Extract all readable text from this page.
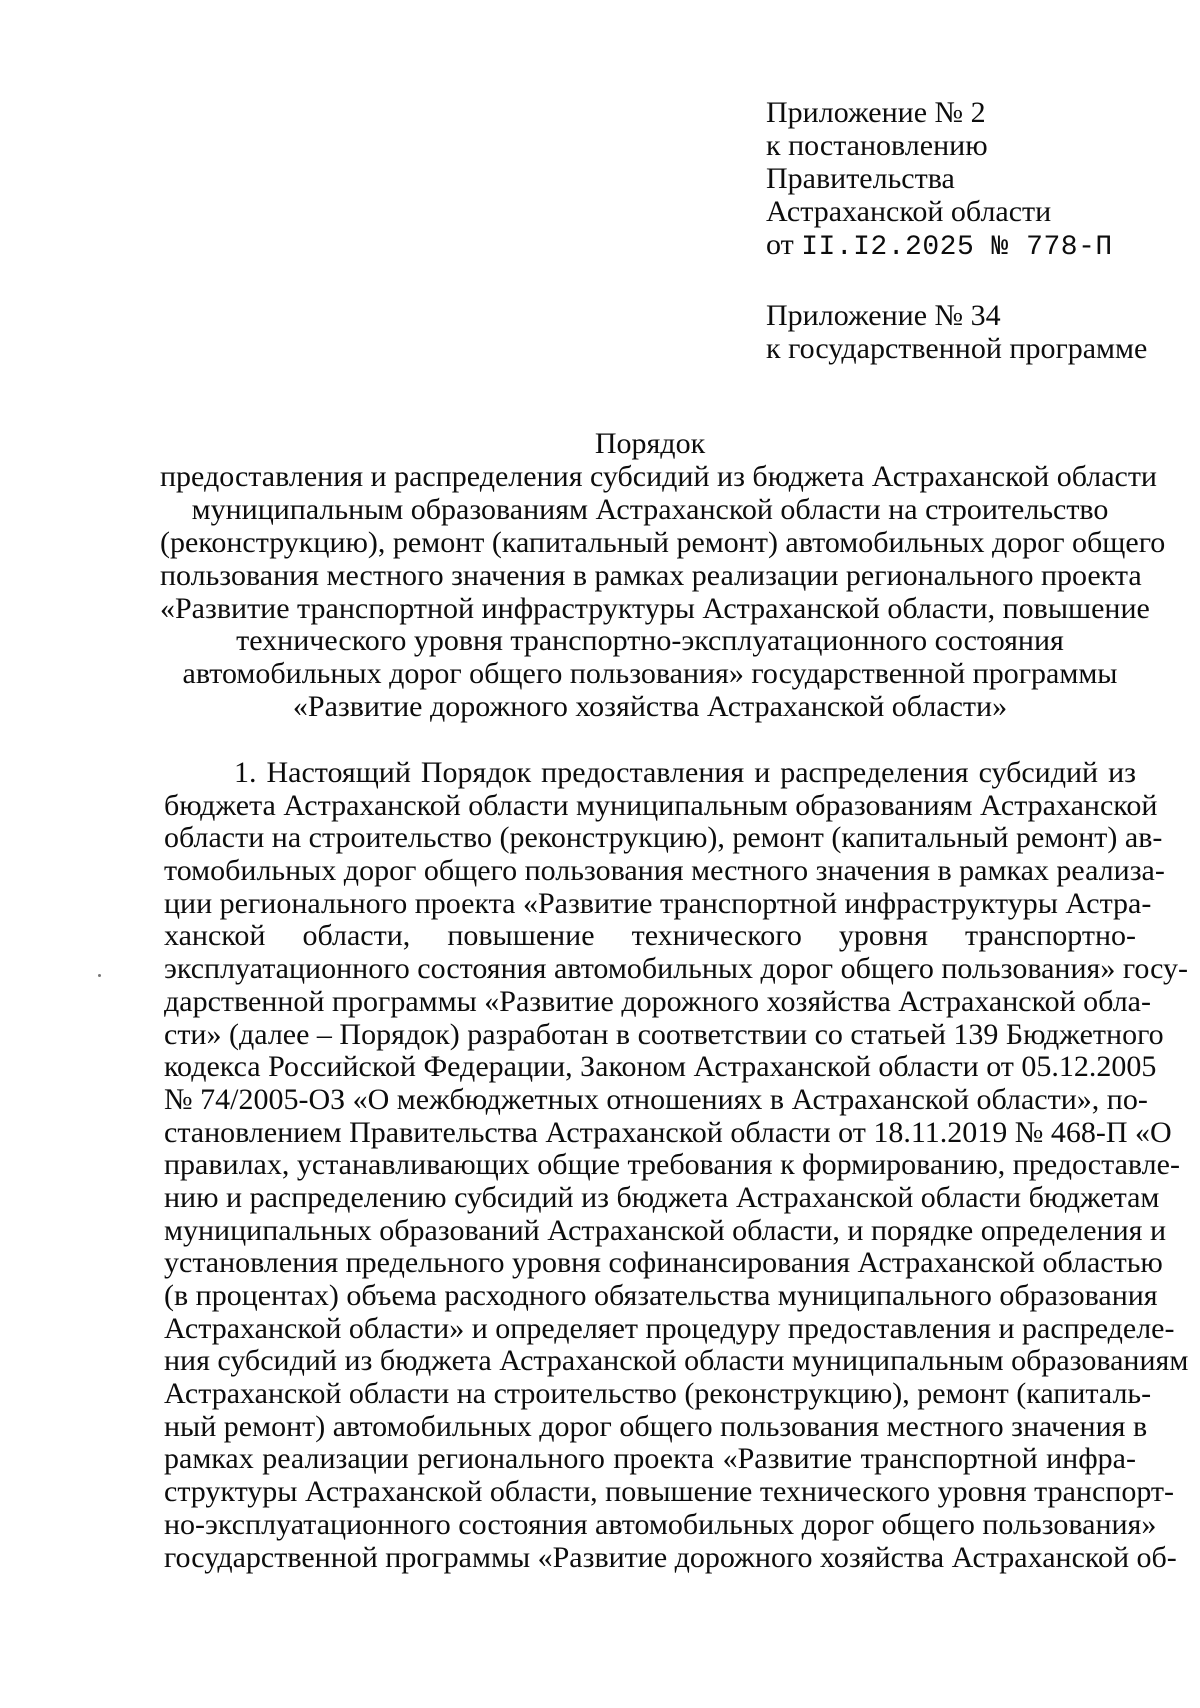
Приложение № 2
к постановлению
Правительства
Астраханской области
от II.I2.2025 № 778-П
Приложение № 34
к государственной программе
Порядок
предоставления и распределения субсидий из бюджета Астраханской области
муниципальным образованиям Астраханской области на строительство
(реконструкцию), ремонт (капитальный ремонт) автомобильных дорог общего
пользования местного значения в рамках реализации регионального проекта
«Развитие транспортной инфраструктуры Астраханской области, повышение
технического уровня транспортно-эксплуатационного состояния
автомобильных дорог общего пользования» государственной программы
«Развитие дорожного хозяйства Астраханской области»
1. Настоящий Порядок предоставления и распределения субсидий из
бюджета Астраханской области муниципальным образованиям Астраханской
области на строительство (реконструкцию), ремонт (капитальный ремонт) ав-
томобильных дорог общего пользования местного значения в рамках реализа-
ции регионального проекта «Развитие транспортной инфраструктуры Астра-
ханской области, повышение технического уровня транспортно-
эксплуатационного состояния автомобильных дорог общего пользования» госу-
дарственной программы «Развитие дорожного хозяйства Астраханской обла-
сти» (далее – Порядок) разработан в соответствии со статьей 139 Бюджетного
кодекса Российской Федерации, Законом Астраханской области от 05.12.2005
№ 74/2005-ОЗ «О межбюджетных отношениях в Астраханской области», по-
становлением Правительства Астраханской области от 18.11.2019 № 468-П «О
правилах, устанавливающих общие требования к формированию, предоставле-
нию и распределению субсидий из бюджета Астраханской области бюджетам
муниципальных образований Астраханской области, и порядке определения и
установления предельного уровня софинансирования Астраханской областью
(в процентах) объема расходного обязательства муниципального образования
Астраханской области» и определяет процедуру предоставления и распределе-
ния субсидий из бюджета Астраханской области муниципальным образованиям
Астраханской области на строительство (реконструкцию), ремонт (капиталь-
ный ремонт) автомобильных дорог общего пользования местного значения в
рамках реализации регионального проекта «Развитие транспортной инфра-
структуры Астраханской области, повышение технического уровня транспорт-
но-эксплуатационного состояния автомобильных дорог общего пользования»
государственной программы «Развитие дорожного хозяйства Астраханской об-
